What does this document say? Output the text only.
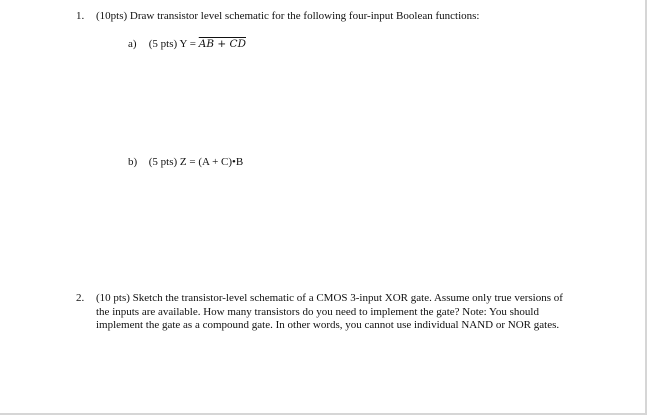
1. (10pts) Draw transistor level schematic for the following four-input Boolean functions:
a) (5 pts) Y = AB + CD
b) (5 pts) Z = (A + C)•B
2.	(10 pts) Sketch the transistor-level schematic of a CMOS 3-input XOR gate. Assume only true versions of the inputs are available. How many transistors do you need to implement the gate? Note: You should implement the gate as a compound gate. In other words, you cannot use individual NAND or NOR gates.
